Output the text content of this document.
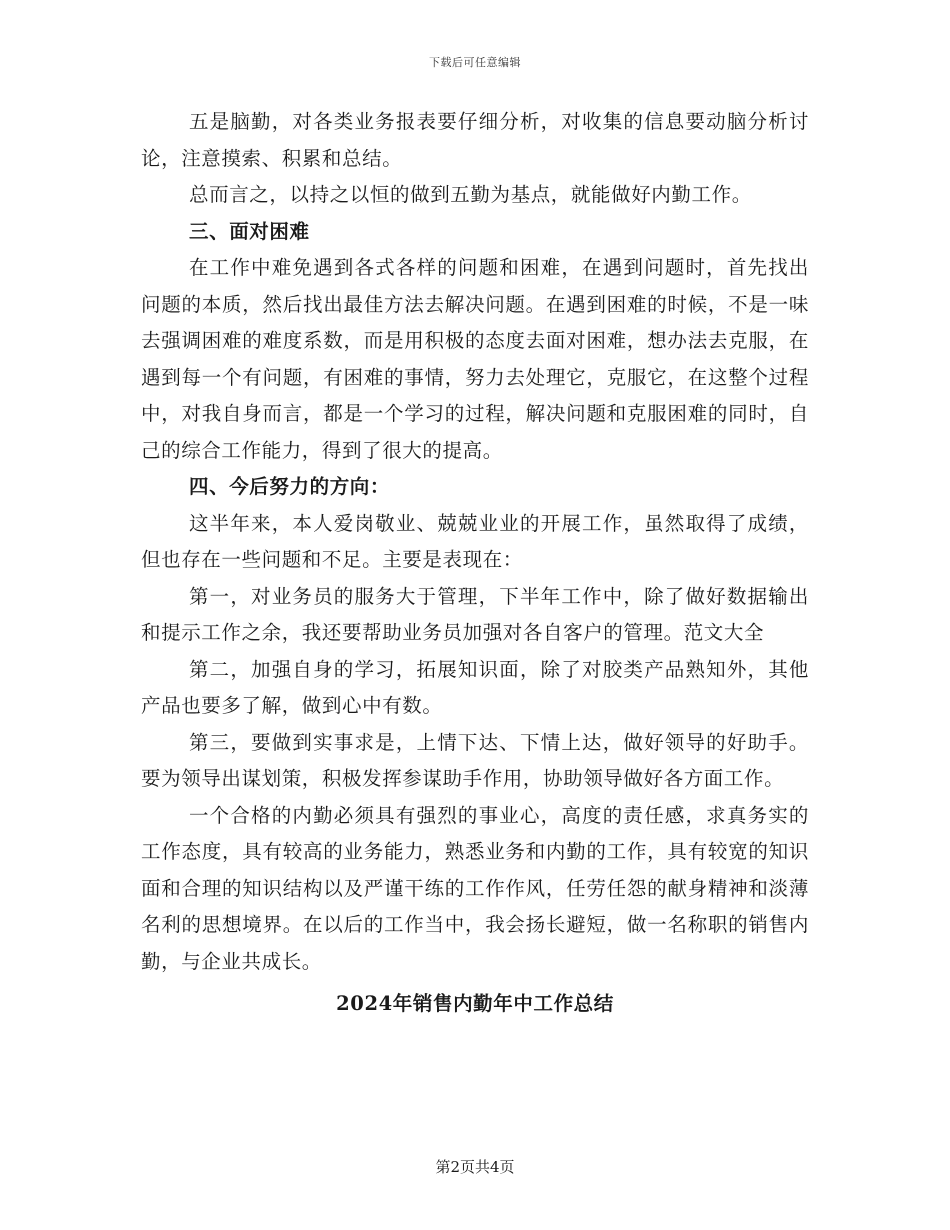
下载后可任意编辑

五是脑勤，对各类业务报表要仔细分析，对收集的信息要动脑分析讨论，注意摸索、积累和总结。

总而言之，以持之以恒的做到五勤为基点，就能做好内勤工作。

三、面对困难

在工作中难免遇到各式各样的问题和困难，在遇到问题时，首先找出问题的本质，然后找出最佳方法去解决问题。在遇到困难的时候，不是一味去强调困难的难度系数，而是用积极的态度去面对困难，想办法去克服，在遇到每一个有问题，有困难的事情，努力去处理它，克服它，在这整个过程中，对我自身而言，都是一个学习的过程，解决问题和克服困难的同时，自己的综合工作能力，得到了很大的提高。

四、今后努力的方向：

这半年来，本人爱岗敬业、兢兢业业的开展工作，虽然取得了成绩，但也存在一些问题和不足。主要是表现在：

第一，对业务员的服务大于管理，下半年工作中，除了做好数据输出和提示工作之余，我还要帮助业务员加强对各自客户的管理。范文大全

第二，加强自身的学习，拓展知识面，除了对胶类产品熟知外，其他产品也要多了解，做到心中有数。

第三，要做到实事求是，上情下达、下情上达，做好领导的好助手。要为领导出谋划策，积极发挥参谋助手作用，协助领导做好各方面工作。

一个合格的内勤必须具有强烈的事业心，高度的责任感，求真务实的工作态度，具有较高的业务能力，熟悉业务和内勤的工作，具有较宽的知识面和合理的知识结构以及严谨干练的工作作风，任劳任怨的献身精神和淡薄名利的思想境界。在以后的工作当中，我会扬长避短，做一名称职的销售内勤，与企业共成长。

2024年销售内勤年中工作总结

第2页共4页
